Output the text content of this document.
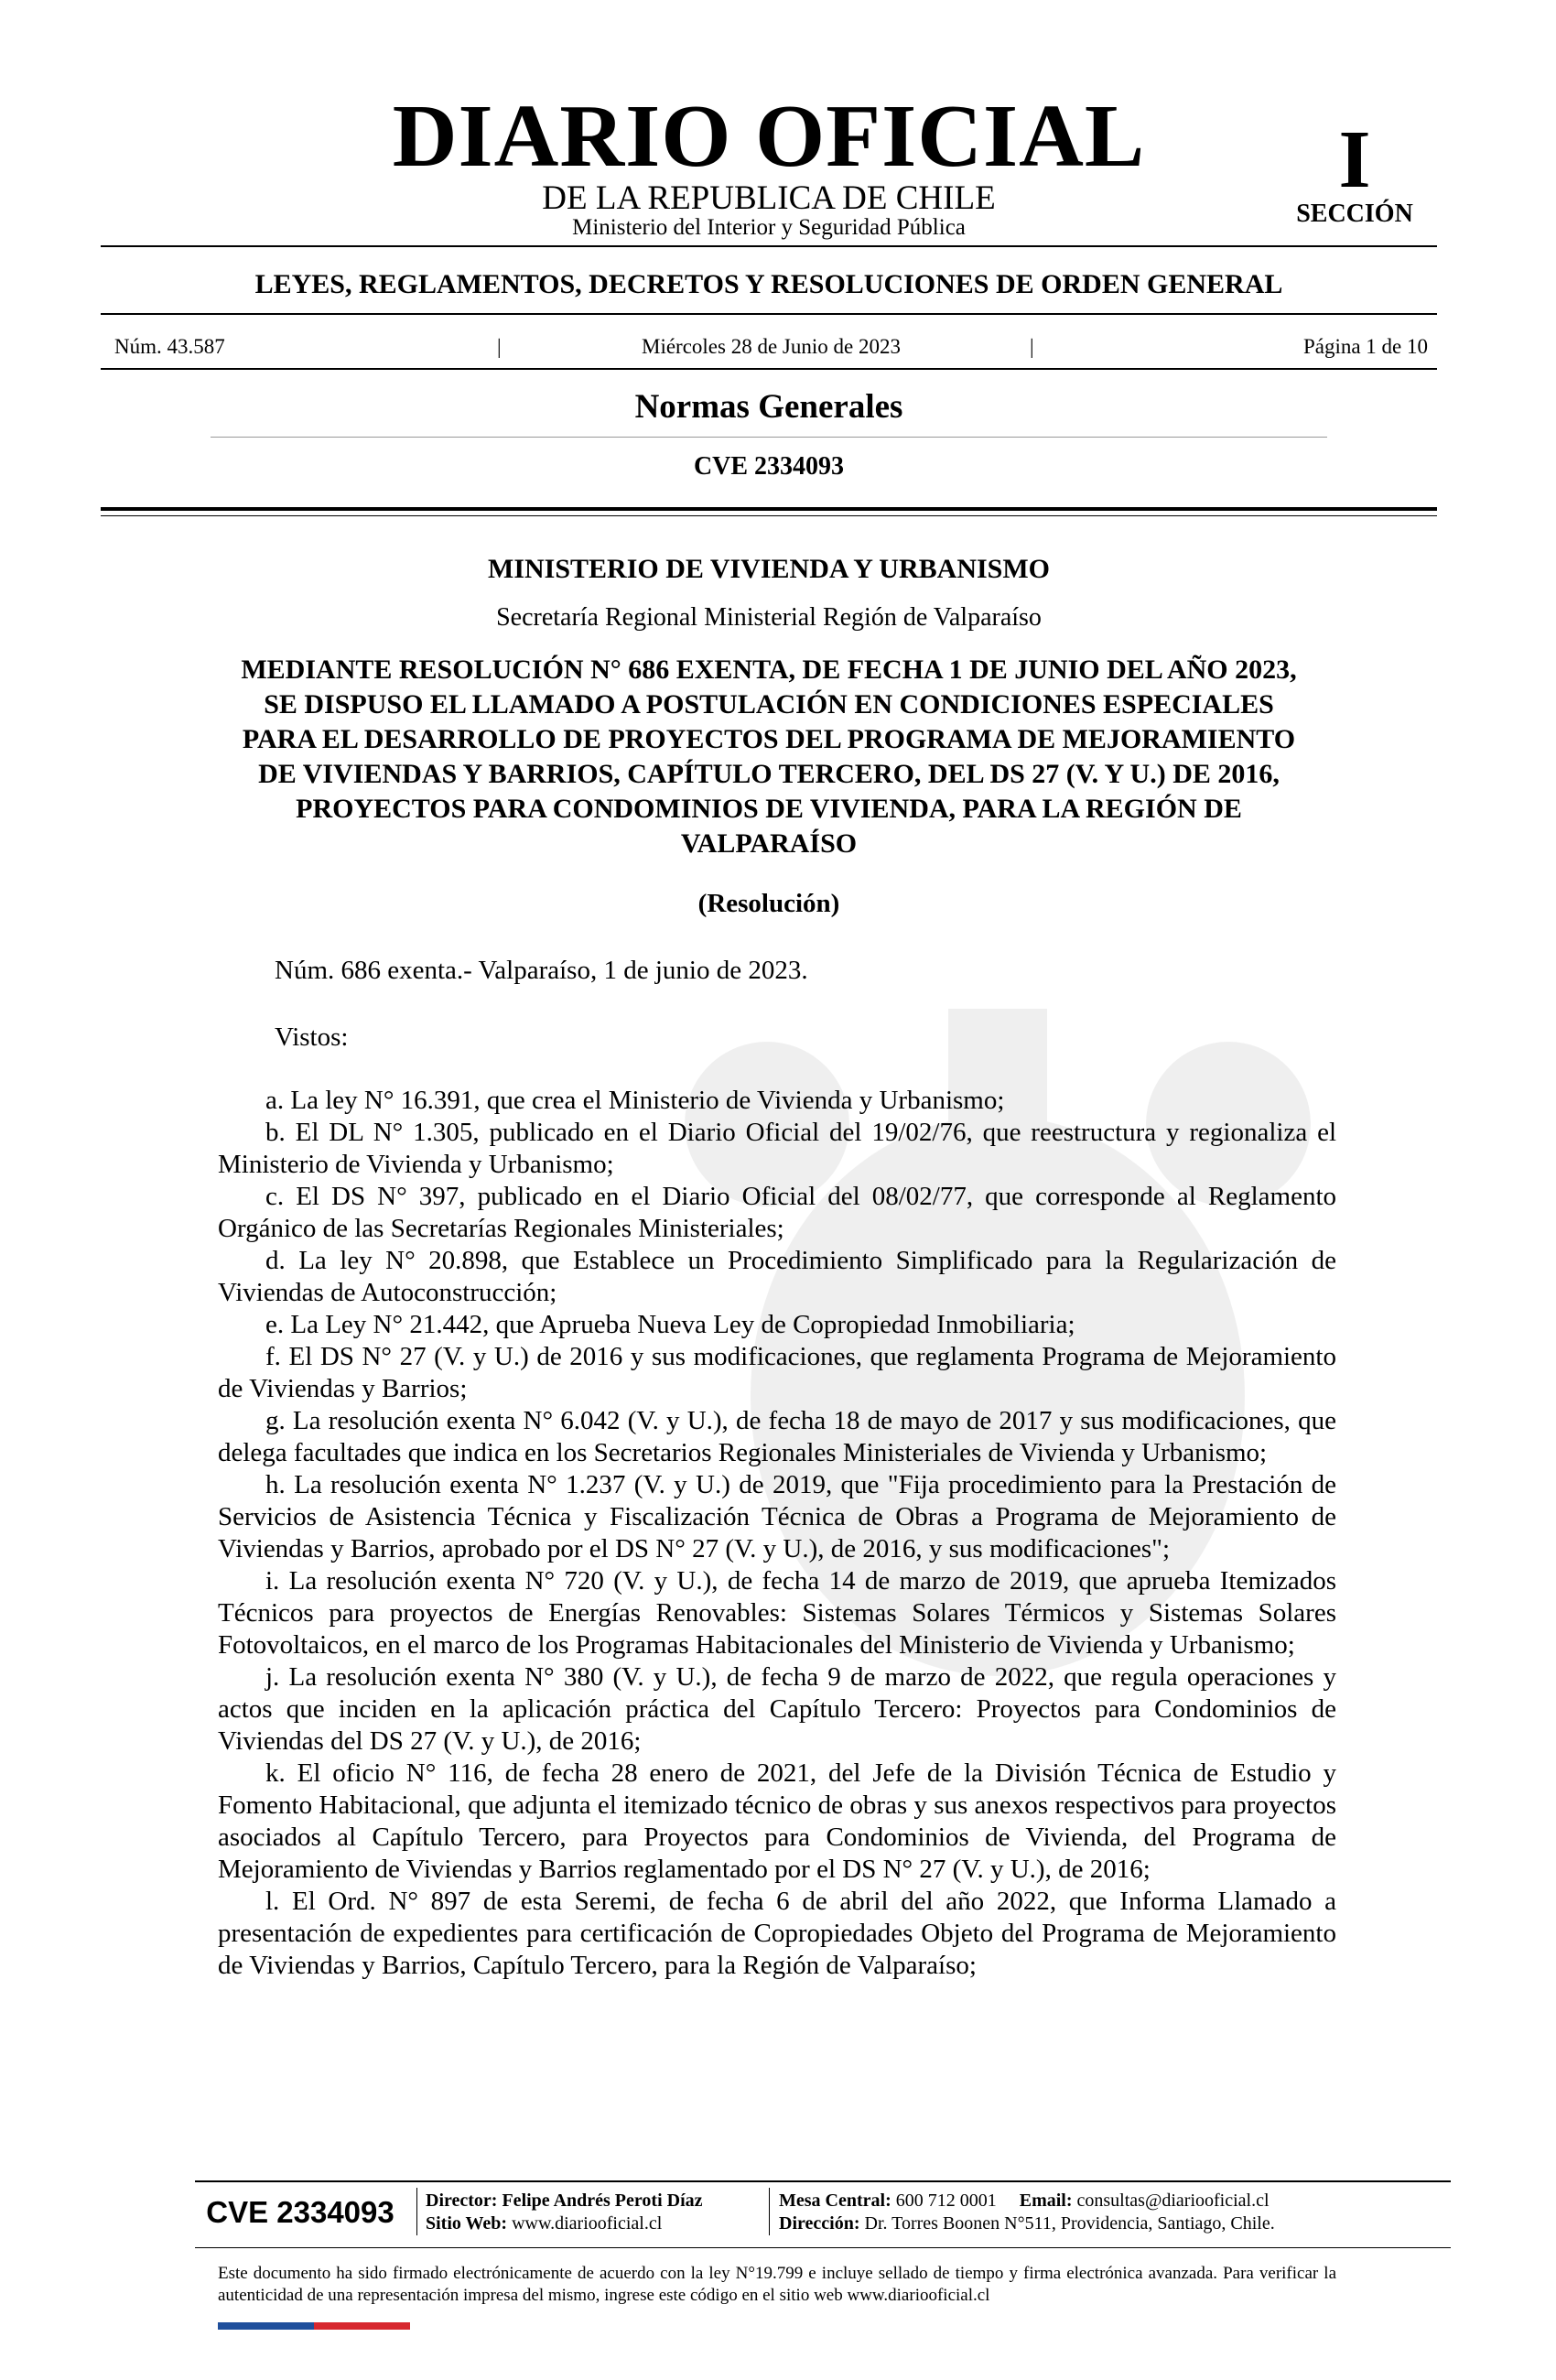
DIARIO OFICIAL
DE LA REPUBLICA DE CHILE
Ministerio del Interior y Seguridad Pública
I
SECCIÓN
LEYES, REGLAMENTOS, DECRETOS Y RESOLUCIONES DE ORDEN GENERAL
Núm. 43.587	|	Miércoles 28 de Junio de 2023	|	Página 1 de 10
Normas Generales
CVE 2334093
MINISTERIO DE VIVIENDA Y URBANISMO
Secretaría Regional Ministerial Región de Valparaíso
MEDIANTE RESOLUCIÓN N° 686 EXENTA, DE FECHA 1 DE JUNIO DEL AÑO 2023,
SE DISPUSO EL LLAMADO A POSTULACIÓN EN CONDICIONES ESPECIALES
PARA EL DESARROLLO DE PROYECTOS DEL PROGRAMA DE MEJORAMIENTO
DE VIVIENDAS Y BARRIOS, CAPÍTULO TERCERO, DEL DS 27 (V. Y U.) DE 2016,
PROYECTOS PARA CONDOMINIOS DE VIVIENDA, PARA LA REGIÓN DE
VALPARAÍSO
(Resolución)
Núm. 686 exenta.- Valparaíso, 1 de junio de 2023.
Vistos:

a. La ley N° 16.391, que crea el Ministerio de Vivienda y Urbanismo;

b. El DL N° 1.305, publicado en el Diario Oficial del 19/02/76, que reestructura y regionaliza el Ministerio de Vivienda y Urbanismo;

c. El DS N° 397, publicado en el Diario Oficial del 08/02/77, que corresponde al Reglamento Orgánico de las Secretarías Regionales Ministeriales;

d. La ley N° 20.898, que Establece un Procedimiento Simplificado para la Regularización de Viviendas de Autoconstrucción;

e. La Ley N° 21.442, que Aprueba Nueva Ley de Copropiedad Inmobiliaria;

f. El DS N° 27 (V. y U.) de 2016 y sus modificaciones, que reglamenta Programa de Mejoramiento de Viviendas y Barrios;

g. La resolución exenta N° 6.042 (V. y U.), de fecha 18 de mayo de 2017 y sus modificaciones, que delega facultades que indica en los Secretarios Regionales Ministeriales de Vivienda y Urbanismo;

h. La resolución exenta N° 1.237 (V. y U.) de 2019, que "Fija procedimiento para la Prestación de Servicios de Asistencia Técnica y Fiscalización Técnica de Obras a Programa de Mejoramiento de Viviendas y Barrios, aprobado por el DS N° 27 (V. y U.), de 2016, y sus modificaciones";

i. La resolución exenta N° 720 (V. y U.), de fecha 14 de marzo de 2019, que aprueba Itemizados Técnicos para proyectos de Energías Renovables: Sistemas Solares Térmicos y Sistemas Solares Fotovoltaicos, en el marco de los Programas Habitacionales del Ministerio de Vivienda y Urbanismo;

j. La resolución exenta N° 380 (V. y U.), de fecha 9 de marzo de 2022, que regula operaciones y actos que inciden en la aplicación práctica del Capítulo Tercero: Proyectos para Condominios de Viviendas del DS 27 (V. y U.), de 2016;

k. El oficio N° 116, de fecha 28 enero de 2021, del Jefe de la División Técnica de Estudio y Fomento Habitacional, que adjunta el itemizado técnico de obras y sus anexos respectivos para proyectos asociados al Capítulo Tercero, para Proyectos para Condominios de Vivienda, del Programa de Mejoramiento de Viviendas y Barrios reglamentado por el DS N° 27 (V. y U.), de 2016;

l. El Ord. N° 897 de esta Seremi, de fecha 6 de abril del año 2022, que Informa Llamado a presentación de expedientes para certificación de Copropiedades Objeto del Programa de Mejoramiento de Viviendas y Barrios, Capítulo Tercero, para la Región de Valparaíso;

CVE 2334093	Director: Felipe Andrés Peroti Díaz
Sitio Web: www.diariooficial.cl
Mesa Central: 600 712 0001 Email: consultas@diariooficial.cl
Dirección: Dr. Torres Boonen N°511, Providencia, Santiago, Chile.
Este documento ha sido firmado electrónicamente de acuerdo con la ley N°19.799 e incluye sellado de tiempo y firma electrónica avanzada. Para verificar la autenticidad de una representación impresa del mismo, ingrese este código en el sitio web www.diariooficial.cl
